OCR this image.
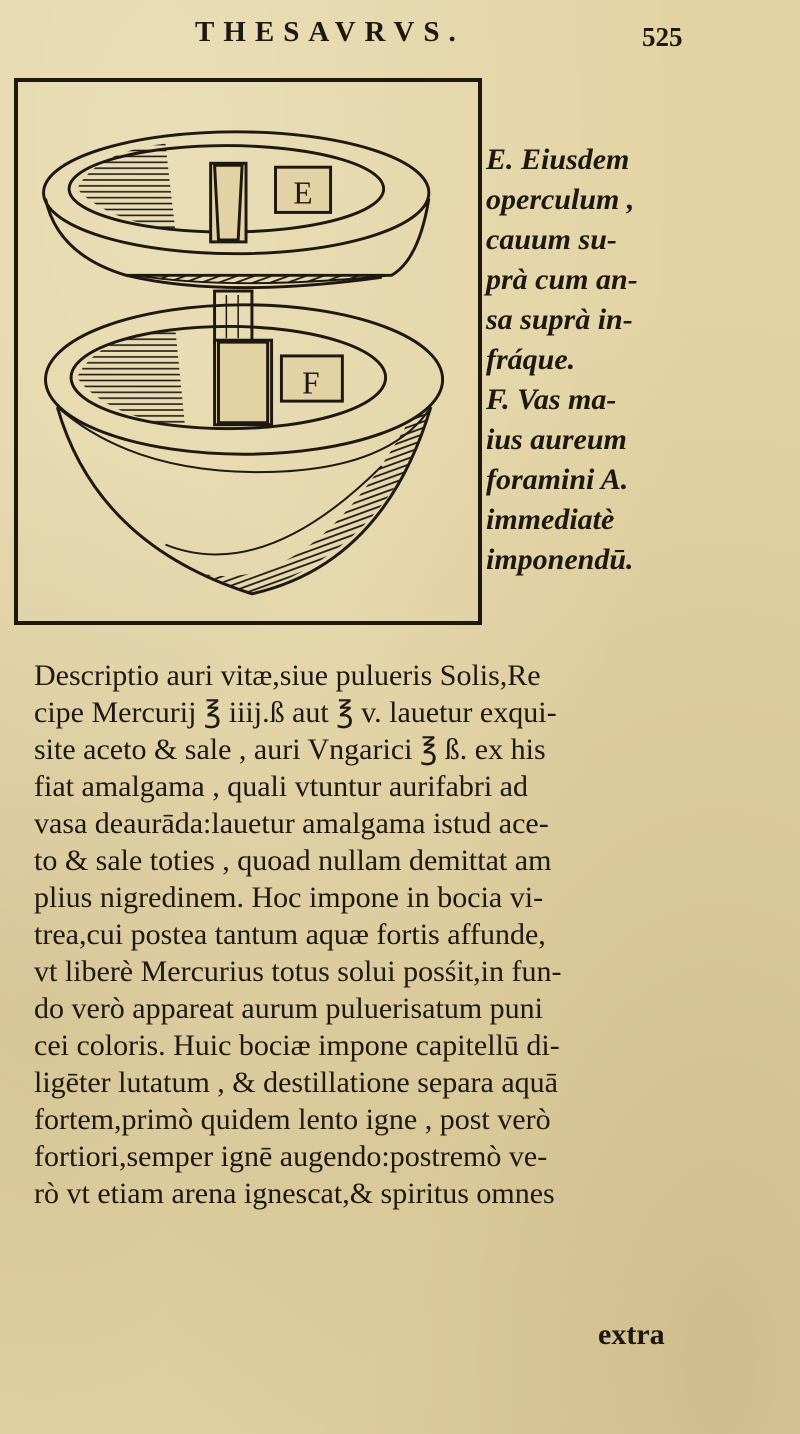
THESAVRVS.	525
E
F
E. Eiusdem
operculum ,
cauum su-
prà cum an-
sa suprà in-
fráque.
F. Vas ma-
ius aureum
foramini A.
immediatè
imponendū.
Descriptio auri vitæ,siue pulueris Solis,Re
cipe Mercurij ℥ iiij.ß aut ℥ v. lauetur exqui-
site aceto & sale , auri Vngarici ℥ ß. ex his
fiat amalgama , quali vtuntur aurifabri ad
vasa deaurāda:lauetur amalgama istud ace-
to & sale toties , quoad nullam demittat am
plius nigredinem. Hoc impone in bocia vi-
trea,cui postea tantum aquæ fortis affunde,
vt liberè Mercurius totus solui posśit,in fun-
do verò appareat aurum puluerisatum puni
cei coloris. Huic bociæ impone capitellū di-
ligēter lutatum , & destillatione separa aquā
fortem,primò quidem lento igne , post verò
fortiori,semper ignē augendo:postremò ve-
rò vt etiam arena ignescat,& spiritus omnes
extra
